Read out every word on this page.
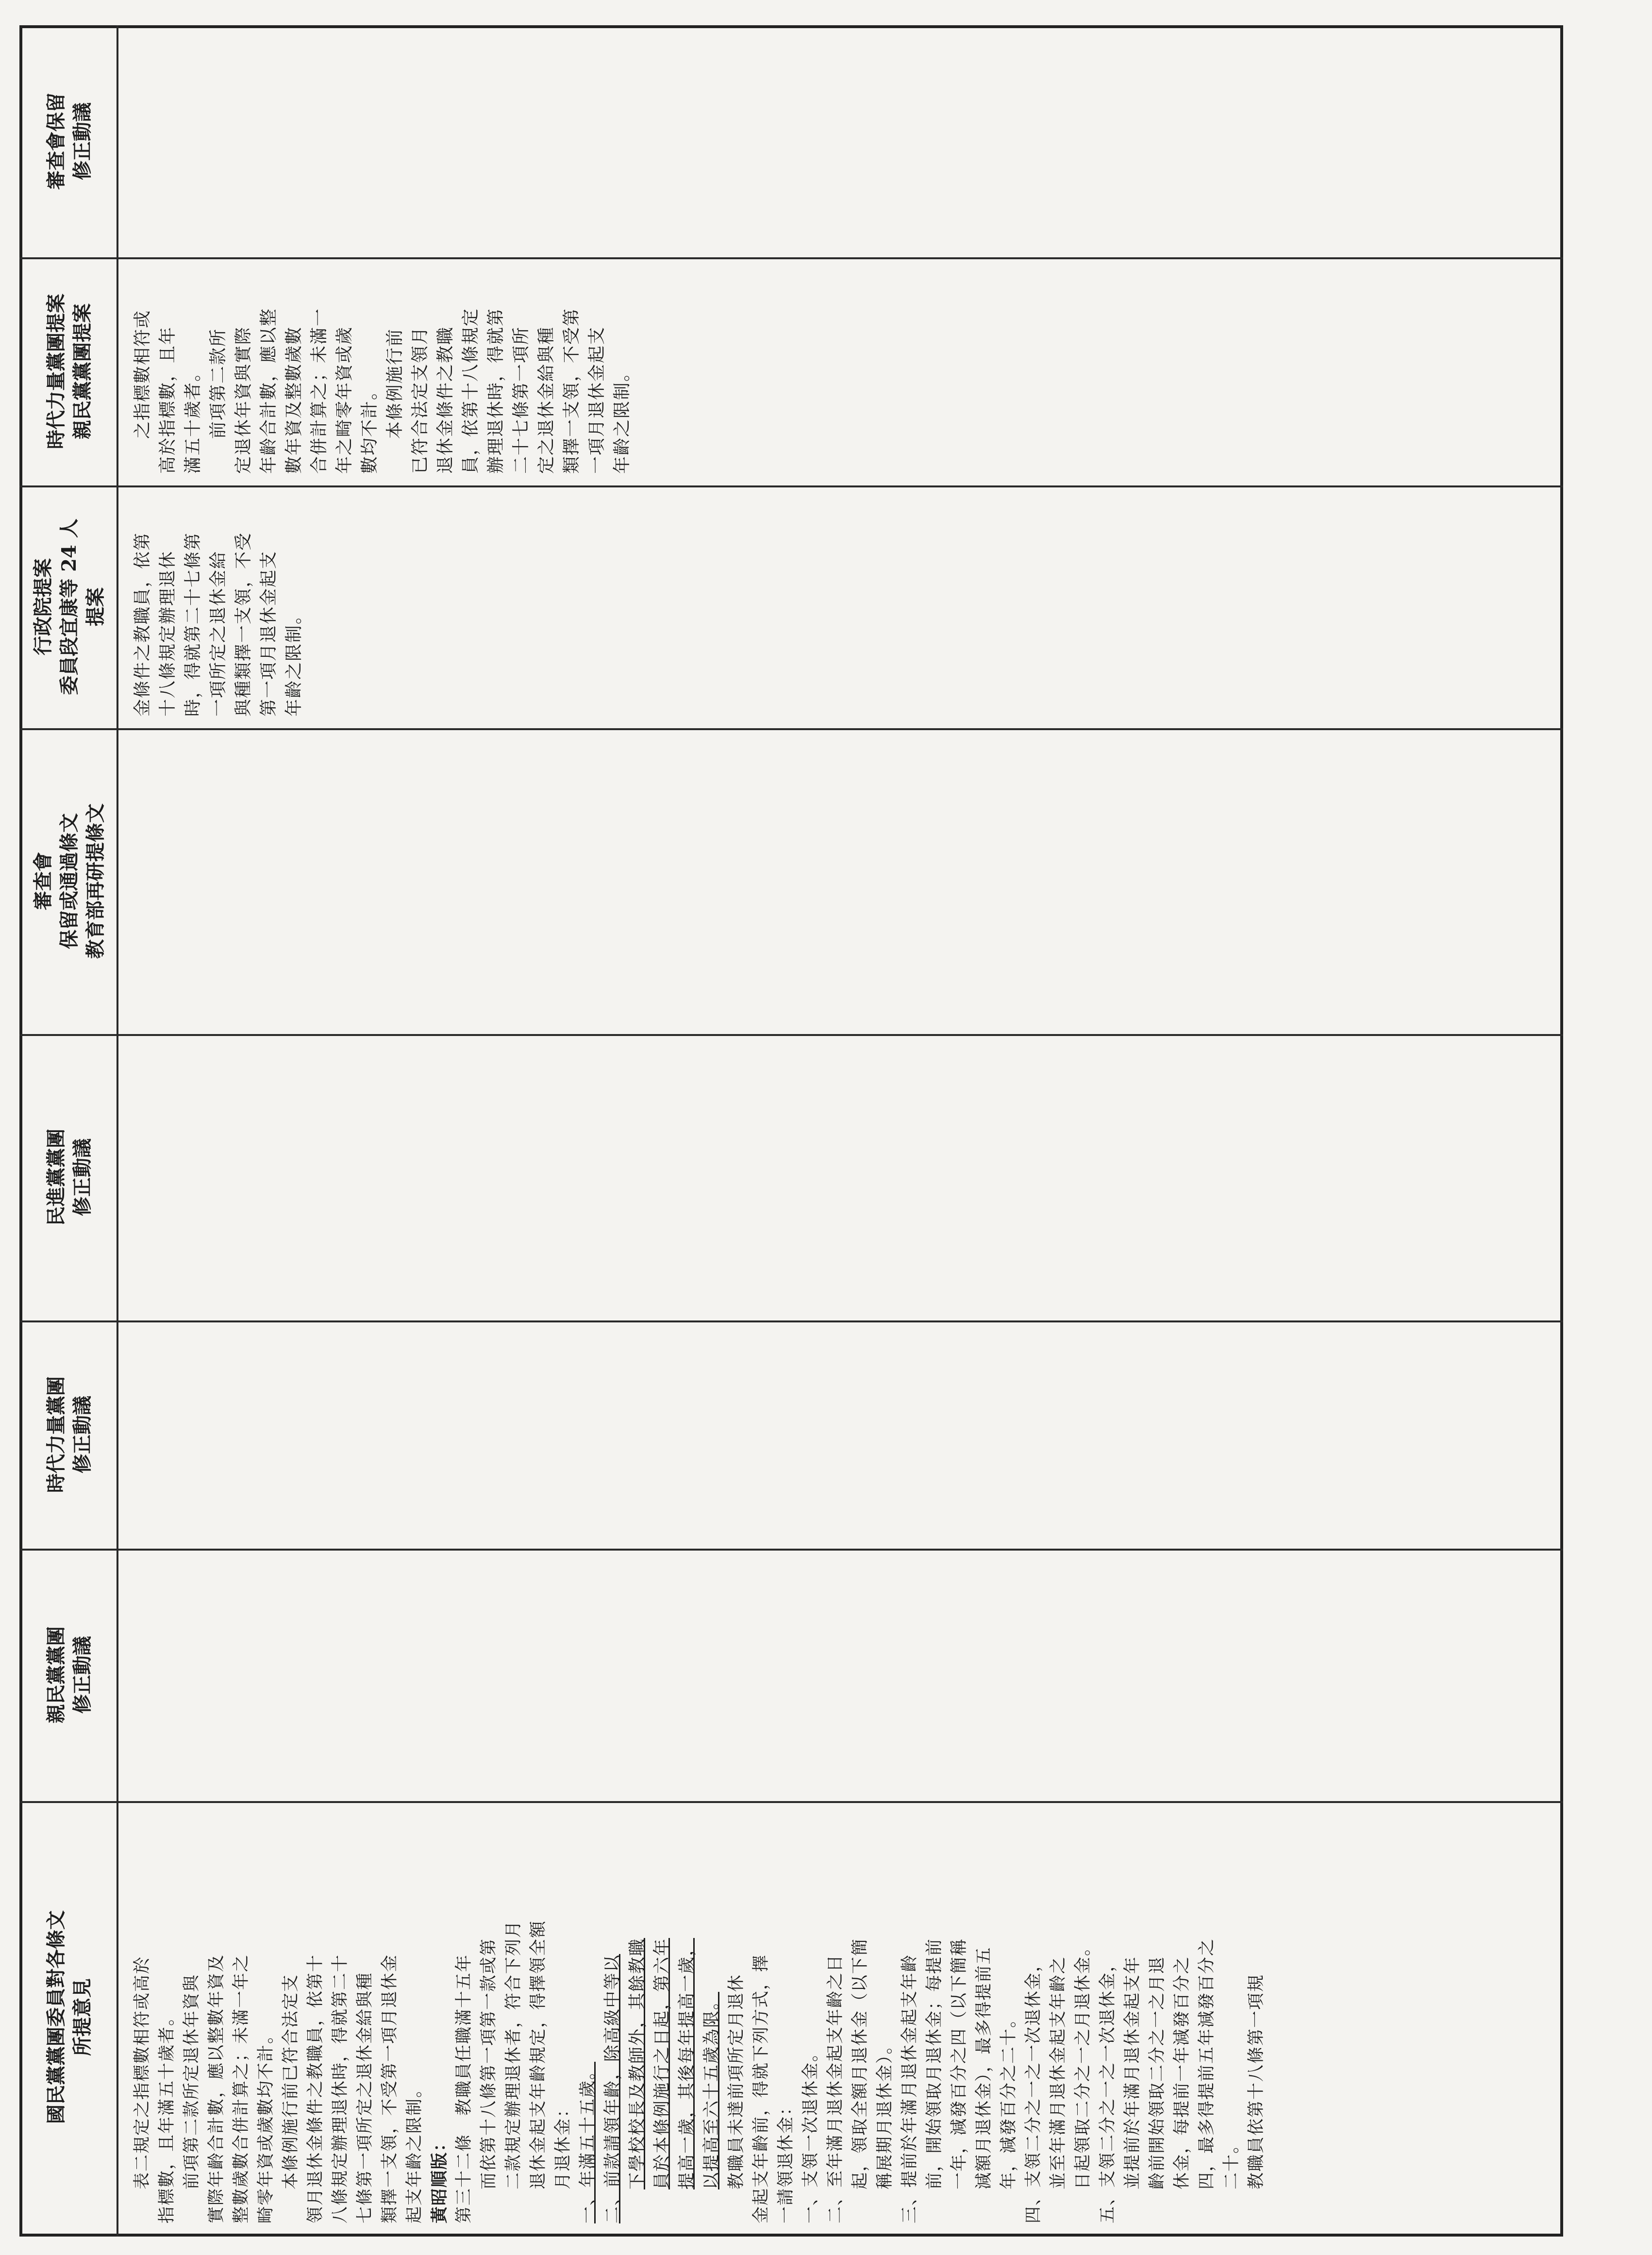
審查會保留 修正動議
時代力量黨團提案 親民黨黨團提案
行政院提案 委員段宜康等 24 人 提案
審查會 保留或通過條文 教育部再研提條文
民進黨黨團 修正動議
時代力量黨團 修正動議
親民黨黨團 修正動議
國民黨黨團委員對各條文 所提意見

之指標數相符或 高於指標數，且年 滿五十歲者。 前項第二款所 定退休年資與實際 年齡合計數，應以整 數年資及整數歲數 合併計算之；未滿一 年之畸零年資或歲 數均不計。 本條例施行前 已符合法定支領月 退休金條件之教職 員，依第十八條規定 辦理退休時，得就第 二十七條第一項所 定之退休金給與種 類擇一支領，不受第 一項月退休金起支 年齡之限制。

金條件之教職員，依第 十八條規定辦理退休 時，得就第二十七條第 一項所定之退休金給 與種類擇一支領，不受 第一項月退休金起支 年齡之限制。

表二規定之指標數相符或高於 指標數，且年滿五十歲者。 前項第二款所定退休年資與 實際年齡合計數，應以整數年資及 整數歲數合併計算之；未滿一年之 畸零年資或歲數均不計。 本條例施行前已符合法定支 領月退休金條件之教職員，依第十 八條規定辦理退休時，得就第二十 七條第一項所定之退休金給與種 類擇一支領，不受第一項月退休金 起支年齡之限制。 黃昭順版： 第三十二條　教職員任職滿十五年 而依第十八條第一項第一款或第 二款規定辦理退休者，符合下列月 退休金起支年齡規定，得擇領全額 月退休金： 一、年滿五十五歲。 二、前款請領年齡，除高級中等以 下學校校長及教師外，其餘教職 員於本條例施行之日起，第六年 提高一歲，其後每年提高一歲， 以提高至六十五歲為限。 教職員未達前項所定月退休 金起支年齡前，得就下列方式，擇 一請領退休金： 一、支領一次退休金。 二、至年滿月退休金起支年齡之日 起，領取全額月退休金（以下簡 稱展期月退休金）。 三、提前於年滿月退休金起支年齡 前，開始領取月退休金；每提前 一年，減發百分之四（以下簡稱 減額月退休金），最多得提前五 年，減發百分之二十。 四、支領二分之一之一次退休金， 並至年滿月退休金起支年齡之 日起領取二分之一之月退休金。 五、支領二分之一之一次退休金， 並提前於年滿月退休金起支年 齡前開始領取二分之一之月退 休金，每提前一年減發百分之 四，最多得提前五年減發百分之 二十。 教職員依第十八條第一項規
